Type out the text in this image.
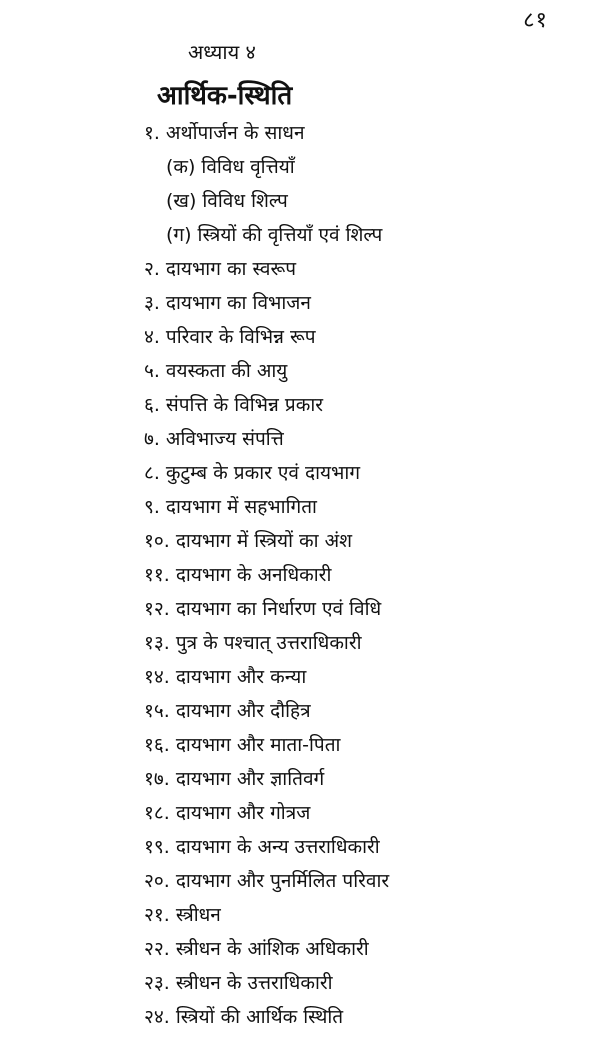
८१
अध्याय ४
आर्थिक-स्थिति
१. अर्थोपार्जन के साधन
(क) विविध वृत्तियाँ
(ख) विविध शिल्प
(ग) स्त्रियों की वृत्तियाँ एवं शिल्प
२. दायभाग का स्वरूप
३. दायभाग का विभाजन
४. परिवार के विभिन्न रूप
५. वयस्कता की आयु
६. संपत्ति के विभिन्न प्रकार
७. अविभाज्य संपत्ति
८. कुटुम्ब के प्रकार एवं दायभाग
९. दायभाग में सहभागिता
१०. दायभाग में स्त्रियों का अंश
११. दायभाग के अनधिकारी
१२. दायभाग का निर्धारण एवं विधि
१३. पुत्र के पश्चात् उत्तराधिकारी
१४. दायभाग और कन्या
१५. दायभाग और दौहित्र
१६. दायभाग और माता-पिता
१७. दायभाग और ज्ञातिवर्ग
१८. दायभाग और गोत्रज
१९. दायभाग के अन्य उत्तराधिकारी
२०. दायभाग और पुनर्मिलित परिवार
२१. स्त्रीधन
२२. स्त्रीधन के आंशिक अधिकारी
२३. स्त्रीधन के उत्तराधिकारी
२४. स्त्रियों की आर्थिक स्थिति
